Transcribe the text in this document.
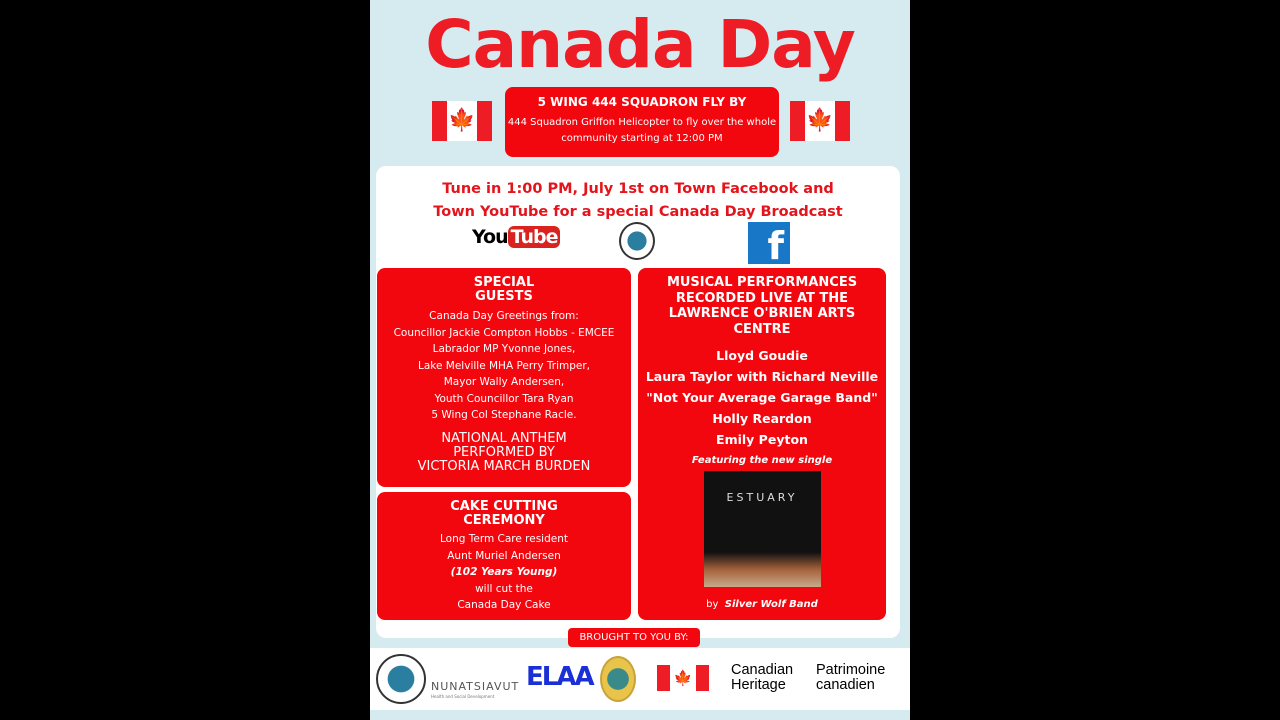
Canada Day
🍁	🍁
5 WING 444 SQUADRON FLY BY
444 Squadron Griffon Helicopter to fly over the whole community starting at 12:00 PM
Tune in 1:00 PM, July 1st on Town Facebook and
Town YouTube for a special Canada Day Broadcast
You Tube	f
SPECIAL
GUESTS
Canada Day Greetings from:
Councillor Jackie Compton Hobbs - EMCEE
Labrador MP Yvonne Jones,
Lake Melville MHA Perry Trimper,
Mayor Wally Andersen,
Youth Councillor Tara Ryan
5 Wing Col Stephane Racle.
NATIONAL ANTHEM
PERFORMED BY
VICTORIA MARCH BURDEN
CAKE CUTTING
CEREMONY
Long Term Care resident
Aunt Muriel Andersen
(102 Years Young)
will cut the
Canada Day Cake
MUSICAL PERFORMANCES
RECORDED LIVE AT THE
LAWRENCE O'BRIEN ARTS
CENTRE
Lloyd Goudie
Laura Taylor with Richard Neville
"Not Your Average Garage Band"
Holly Reardon
Emily Peyton
Featuring the new single
ESTUARY
by Silver Wolf Band
BROUGHT TO YOU BY:
NUNATSIAVUT
Health and Social Development
ELAA	🍁	Canadian
Heritage
Patrimoine
canadien
